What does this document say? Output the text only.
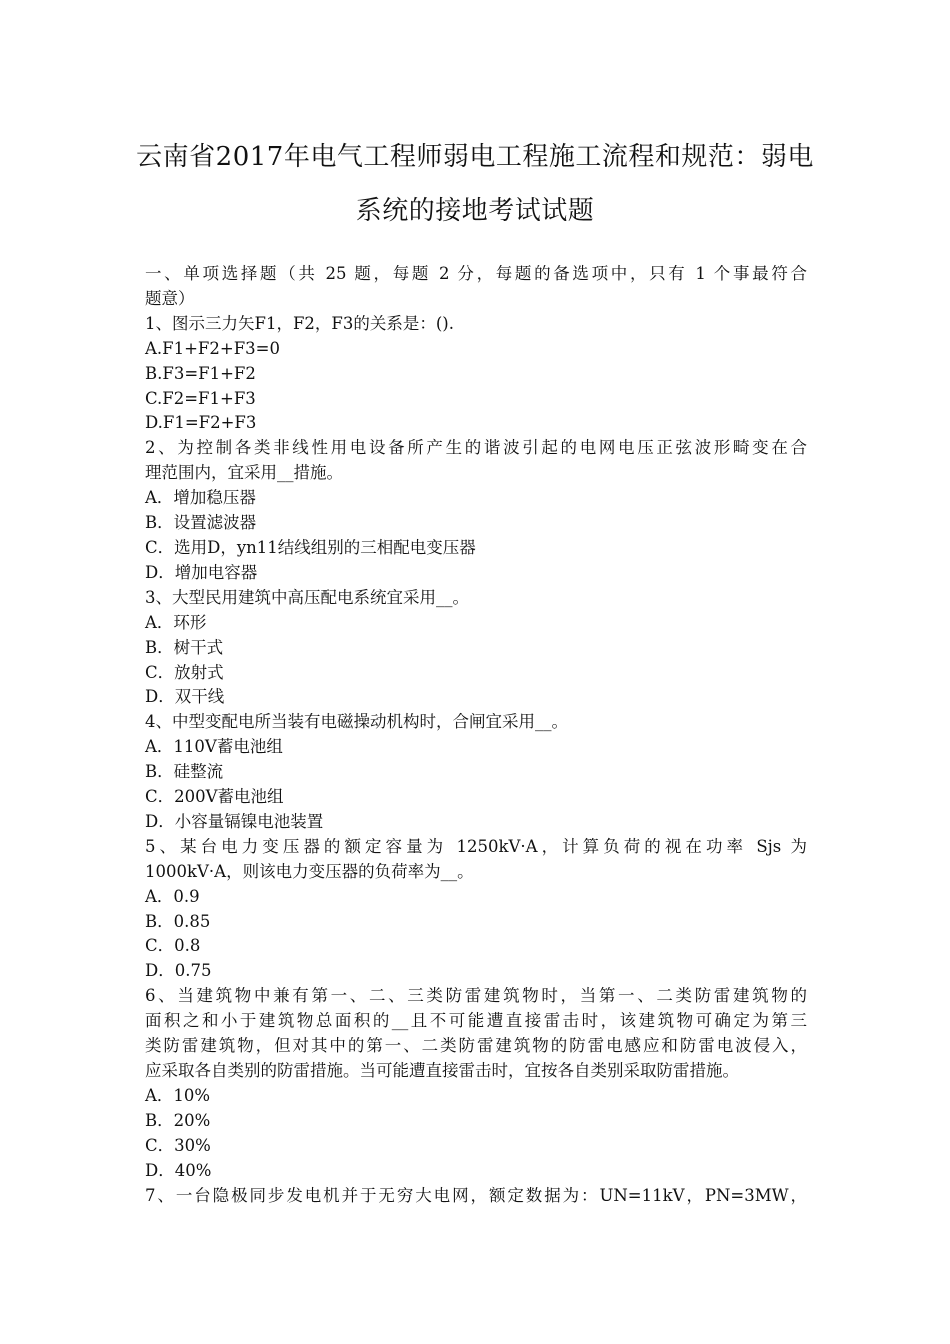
云南省2017年电气工程师弱电工程施工流程和规范：弱电
系统的接地考试试题
一、单项选择题（共 25 题，每题 2 分，每题的备选项中，只有 1 个事最符合
题意）
1、图示三力矢F1，F2，F3的关系是：().
A.F1+F2+F3=0
B.F3=F1+F2
C.F2=F1+F3
D.F1=F2+F3
2、为控制各类非线性用电设备所产生的谐波引起的电网电压正弦波形畸变在合
理范围内，宜采用__措施。
A．增加稳压器
B．设置滤波器
C．选用D，yn11结线组别的三相配电变压器
D．增加电容器
3、大型民用建筑中高压配电系统宜采用__。
A．环形
B．树干式
C．放射式
D．双干线
4、中型变配电所当装有电磁操动机构时，合闸宜采用__。
A．110V蓄电池组
B．硅整流
C．200V蓄电池组
D．小容量镉镍电池装置
5、某台电力变压器的额定容量为 1250kV·A，计算负荷的视在功率 Sjs 为
1000kV·A，则该电力变压器的负荷率为__。
A．0.9
B．0.85
C．0.8
D．0.75
6、当建筑物中兼有第一、二、三类防雷建筑物时，当第一、二类防雷建筑物的
面积之和小于建筑物总面积的__且不可能遭直接雷击时，该建筑物可确定为第三
类防雷建筑物，但对其中的第一、二类防雷建筑物的防雷电感应和防雷电波侵入，
应采取各自类别的防雷措施。当可能遭直接雷击时，宜按各自类别采取防雷措施。
A．10%
B．20%
C．30%
D．40%
7、一台隐极同步发电机并于无穷大电网，额定数据为：UN=11kV，PN=3MW，
